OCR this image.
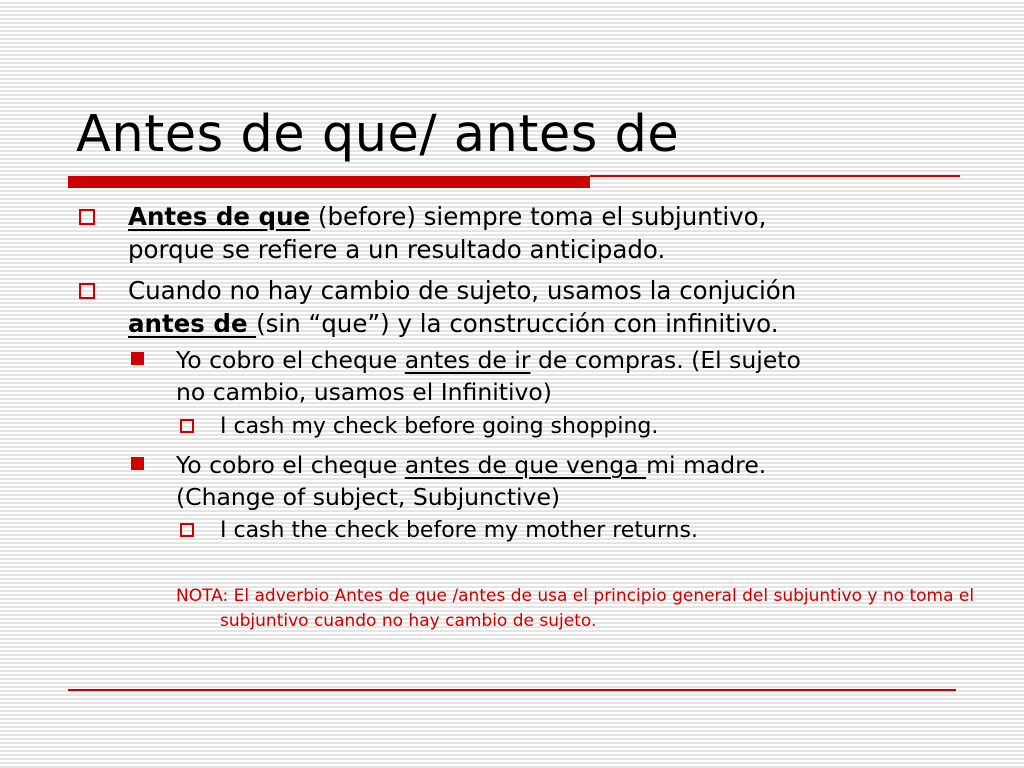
Antes de que/ antes de
Antes de que (before) siempre toma el subjuntivo,
porque se refiere a un resultado anticipado.
Cuando no hay cambio de sujeto, usamos la conjución
antes de (sin “que”) y la construcción con infinitivo.
Yo cobro el cheque antes de ir de compras. (El sujeto
no cambio, usamos el Infinitivo)
I cash my check before going shopping.
Yo cobro el cheque antes de que venga mi madre.
(Change of subject, Subjunctive)
I cash the check before my mother returns.
NOTA: El adverbio Antes de que /antes de usa el principio general del subjuntivo y no toma el subjuntivo cuando no hay cambio de sujeto.
